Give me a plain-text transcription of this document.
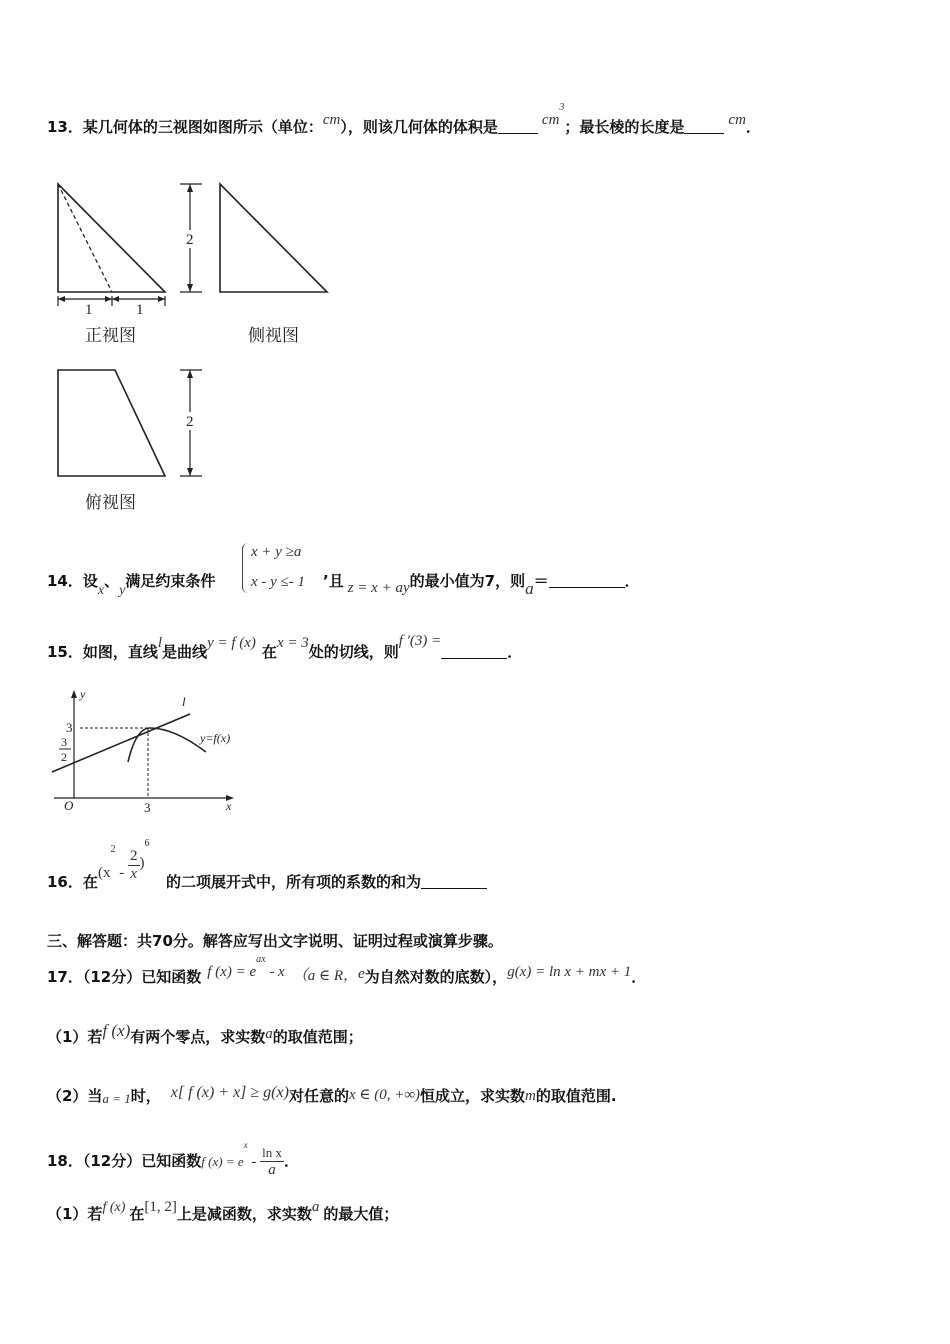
13．某几何体的三视图如图所示（单位：cm），则该几何体的体积是	$cm^3$；最长棱的长度是	cm．
1	1
正视图
2
侧视图
2
俯视图
14．设x、y满足约束条件
x + y ≥a
x - y ≤- 1 ’且 z = x + ay的最小值为7，则a＝	．
15．如图，直线l是曲线y = f (x) 在x = 3处的切线，则f ′(3) =．
y
x
O
3
3
2
3
l
y=f(x)
16．在
$(x^2 - \frac{2}{x} )^6$
的二项展开式中，所有项的系数的和为
三、解答题：共70分。解答应写出文字说明、证明过程或演算步骤。
17．（12分）已知函数 f $(x) = e^{ax} - x$ （a ∈ R，e为自然对数的底数），g(x) = ln x + mx + 1．
（1）若f (x)有两个零点，求实数a的取值范围；
（2）当a = 1时， x[ f (x) + x] ≥ g(x)对任意的x ∈ (0, +∞)恒成立，求实数m的取值范围.
18．（12分）已知函数f $(x) = e^x - \frac{\text{ln x}}{a}$ ．
（1）若f (x) 在[1, 2]上是减函数，求实数a 的最大值；
